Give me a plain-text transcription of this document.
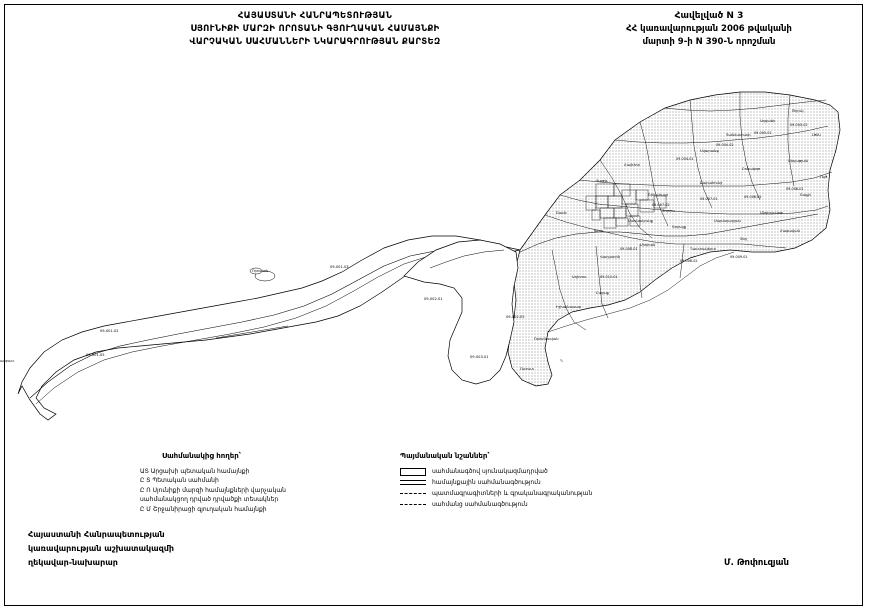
ՀԱՅԱՍՏԱՆԻ ՀԱՆՐԱՊԵՏՈՒԹՅԱՆ
ՍՅՈՒՆԻՔԻ ՄԱՐԶԻ ՈՐՈՏԱՆԻ ԳՅՈՒՂԱԿԱՆ ՀԱՄԱՅՆՔԻ
ՎԱՐՉԱԿԱՆ ՍԱՀՄԱՆՆԵՐԻ ՆԿԱՐԱԳՐՈՒԹՅԱՆ ՔԱՐՏԵԶ
Հավելված N 3
ՀՀ կառավարության 2006 թվականի
մարտի 9-ի N 390-Ն որոշման
Որոտան
09-001-02
09-001-05
09-001-03
09-002-01
09-002-05
09-003-01
Շամբ
Տաթև
Հալիձոր
Շինուհայր
Խոտ
Սվարանց
Տանձատափ
Աղվանի
Ծղուկ
Լծեն
Ախլաթյան
Բռնակոթ
Քարահունջ
Տոլորս
Սառնակունք
Գորայք
Սպանդարյան
Անգեղակոթ
Շաքի
Ույծ
Սիսիան
Վաղատին
Աղիտու
Բալաք
Իշխանասար
Որոտնավան
Դարբաս
Ուռուտ
Դաստակերտ
Տեղ
Հացավան
09-004-01
09-004-02
09-005-01
09-005-02
09-006-01
09-006-02
09-007-01
09-007-02
09-008-01
09-008-02
09-009-01
09-010-01
Սահմանակից հողեր՝
ԱՏ Արցախի պետական համայնքի
Ը Տ Պետական սահմանի
Ը Ո Սյունիքի մարզի համայնքների վարչական
սահմանակցող դրված դրվածքի տեսակներ
Ը Մ Շրջանիրացի գյուղական համայնքի
Պայմանական նշաններ՝
սահմանագծով սյունակազմադրված
համայնքային սահմանագծություն
պատմագրագիտների և գրականագրականության
սահմանց սահմանագծություն
Հայաստանի Հանրապետության
կառավարության աշխատակազմի
ղեկավար-նախարար	Մ. Թոփուզյան
